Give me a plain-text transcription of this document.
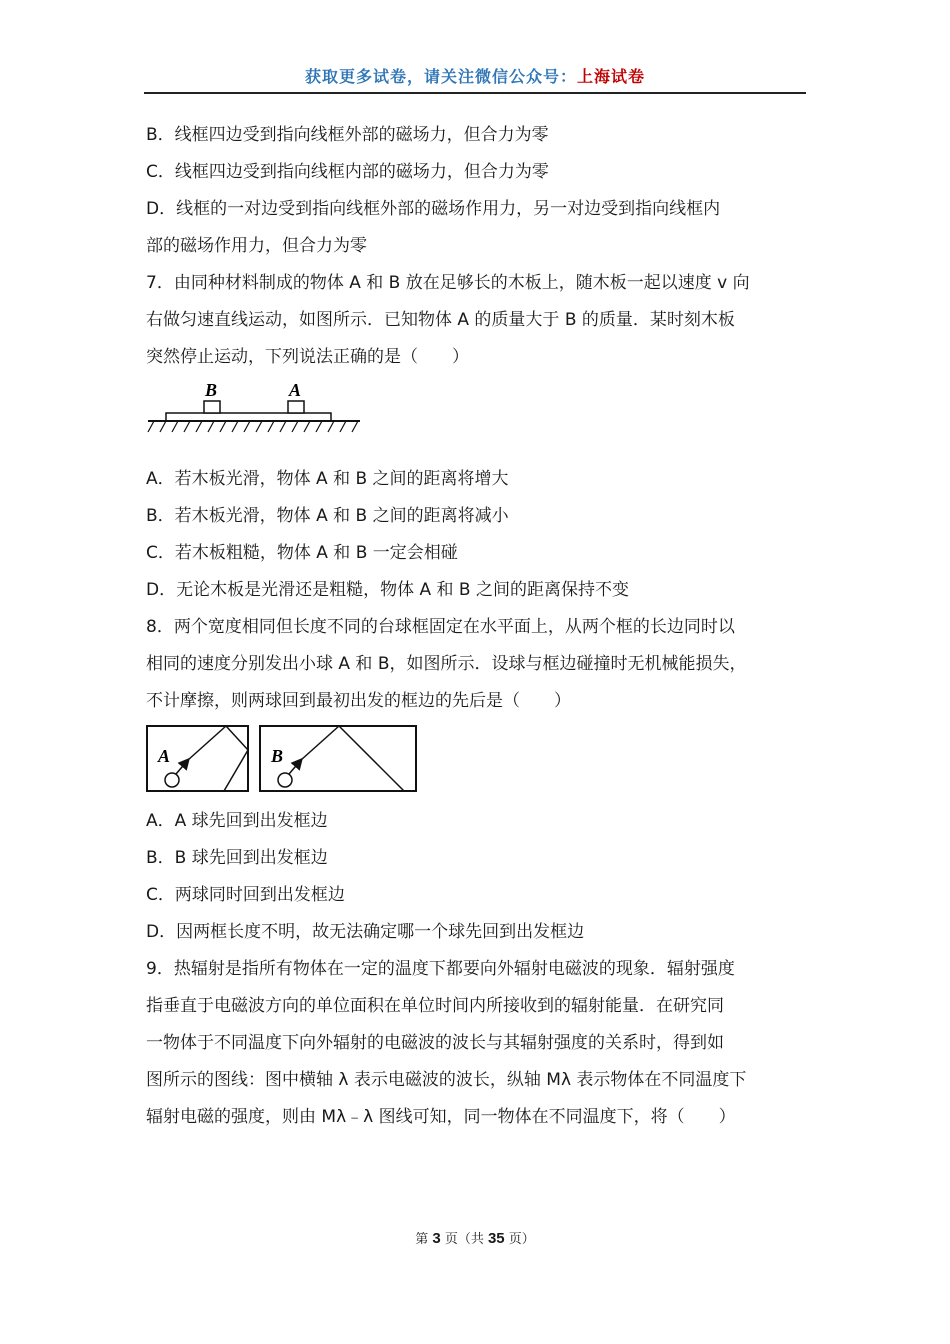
获取更多试卷，请关注微信公众号：上海试卷
B．线框四边受到指向线框外部的磁场力，但合力为零
C．线框四边受到指向线框内部的磁场力，但合力为零
D．线框的一对边受到指向线框外部的磁场作用力，另一对边受到指向线框内
部的磁场作用力，但合力为零
7．由同种材料制成的物体 A 和 B 放在足够长的木板上，随木板一起以速度 v 向
右做匀速直线运动，如图所示．已知物体 A 的质量大于 B 的质量．某时刻木板
突然停止运动，下列说法正确的是（　　）
B	A
A．若木板光滑，物体 A 和 B 之间的距离将增大
B．若木板光滑，物体 A 和 B 之间的距离将减小
C．若木板粗糙，物体 A 和 B 一定会相碰
D．无论木板是光滑还是粗糙，物体 A 和 B 之间的距离保持不变
8．两个宽度相同但长度不同的台球框固定在水平面上，从两个框的长边同时以
相同的速度分别发出小球 A 和 B，如图所示．设球与框边碰撞时无机械能损失，
不计摩擦，则两球回到最初出发的框边的先后是（　　）
A	B
A．A 球先回到出发框边
B．B 球先回到出发框边
C．两球同时回到出发框边
D．因两框长度不明，故无法确定哪一个球先回到出发框边
9．热辐射是指所有物体在一定的温度下都要向外辐射电磁波的现象．辐射强度
指垂直于电磁波方向的单位面积在单位时间内所接收到的辐射能量．在研究同
一物体于不同温度下向外辐射的电磁波的波长与其辐射强度的关系时，得到如
图所示的图线：图中横轴 λ 表示电磁波的波长，纵轴 Mλ 表示物体在不同温度下
辐射电磁的强度，则由 Mλ﹣λ 图线可知，同一物体在不同温度下，将（　　）
第 3 页（共 35 页）
